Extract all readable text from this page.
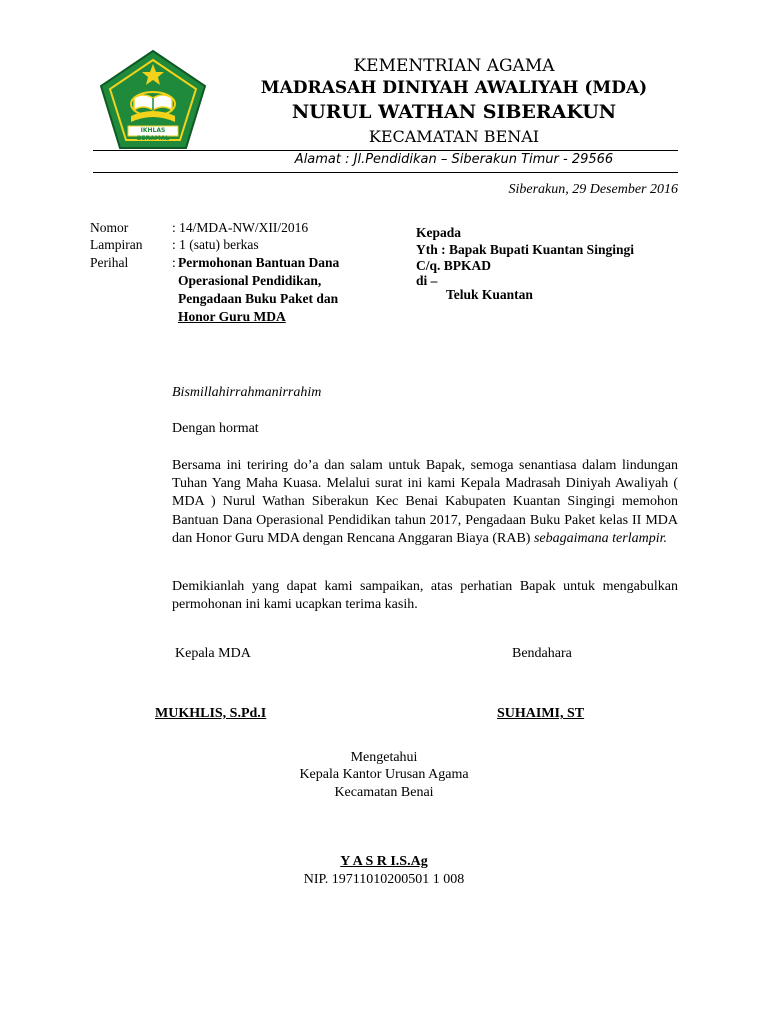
IKHLAS BERAMAL
KEMENTRIAN AGAMA
MADRASAH DINIYAH AWALIYAH (MDA)
NURUL WATHAN SIBERAKUN
KECAMATAN BENAI
Alamat : Jl.Pendidikan – Siberakun Timur - 29566
Siberakun, 29 Desember 2016
Nomor	: 14/MDA-NW/XII/2016
Lampiran : 1 (satu) berkas
Perihal	: Permohonan Bantuan Dana
Operasional Pendidikan,
Pengadaan Buku Paket dan
Honor Guru MDA
Kepada
Yth : Bapak Bupati Kuantan Singingi
C/q. BPKAD
di –
Teluk Kuantan
Bismillahirrahmanirrahim
Dengan hormat
Bersama ini teriring do’a dan salam untuk Bapak, semoga senantiasa dalam lindungan Tuhan Yang Maha Kuasa. Melalui surat ini kami Kepala Madrasah Diniyah Awaliyah ( MDA ) Nurul Wathan Siberakun Kec Benai Kabupaten Kuantan Singingi memohon Bantuan Dana Operasional Pendidikan tahun 2017, Pengadaan Buku Paket kelas II MDA dan Honor Guru MDA dengan Rencana Anggaran Biaya (RAB) sebagaimana terlampir.
Demikianlah yang dapat kami sampaikan, atas perhatian Bapak untuk mengabulkan permohonan ini kami ucapkan terima kasih.
Kepala MDA	Bendahara
MUKHLIS, S.Pd.I	SUHAIMI, ST
Mengetahui
Kepala Kantor Urusan Agama
Kecamatan Benai
Y A S R I.S.Ag
NIP. 19711010200501 1 008
